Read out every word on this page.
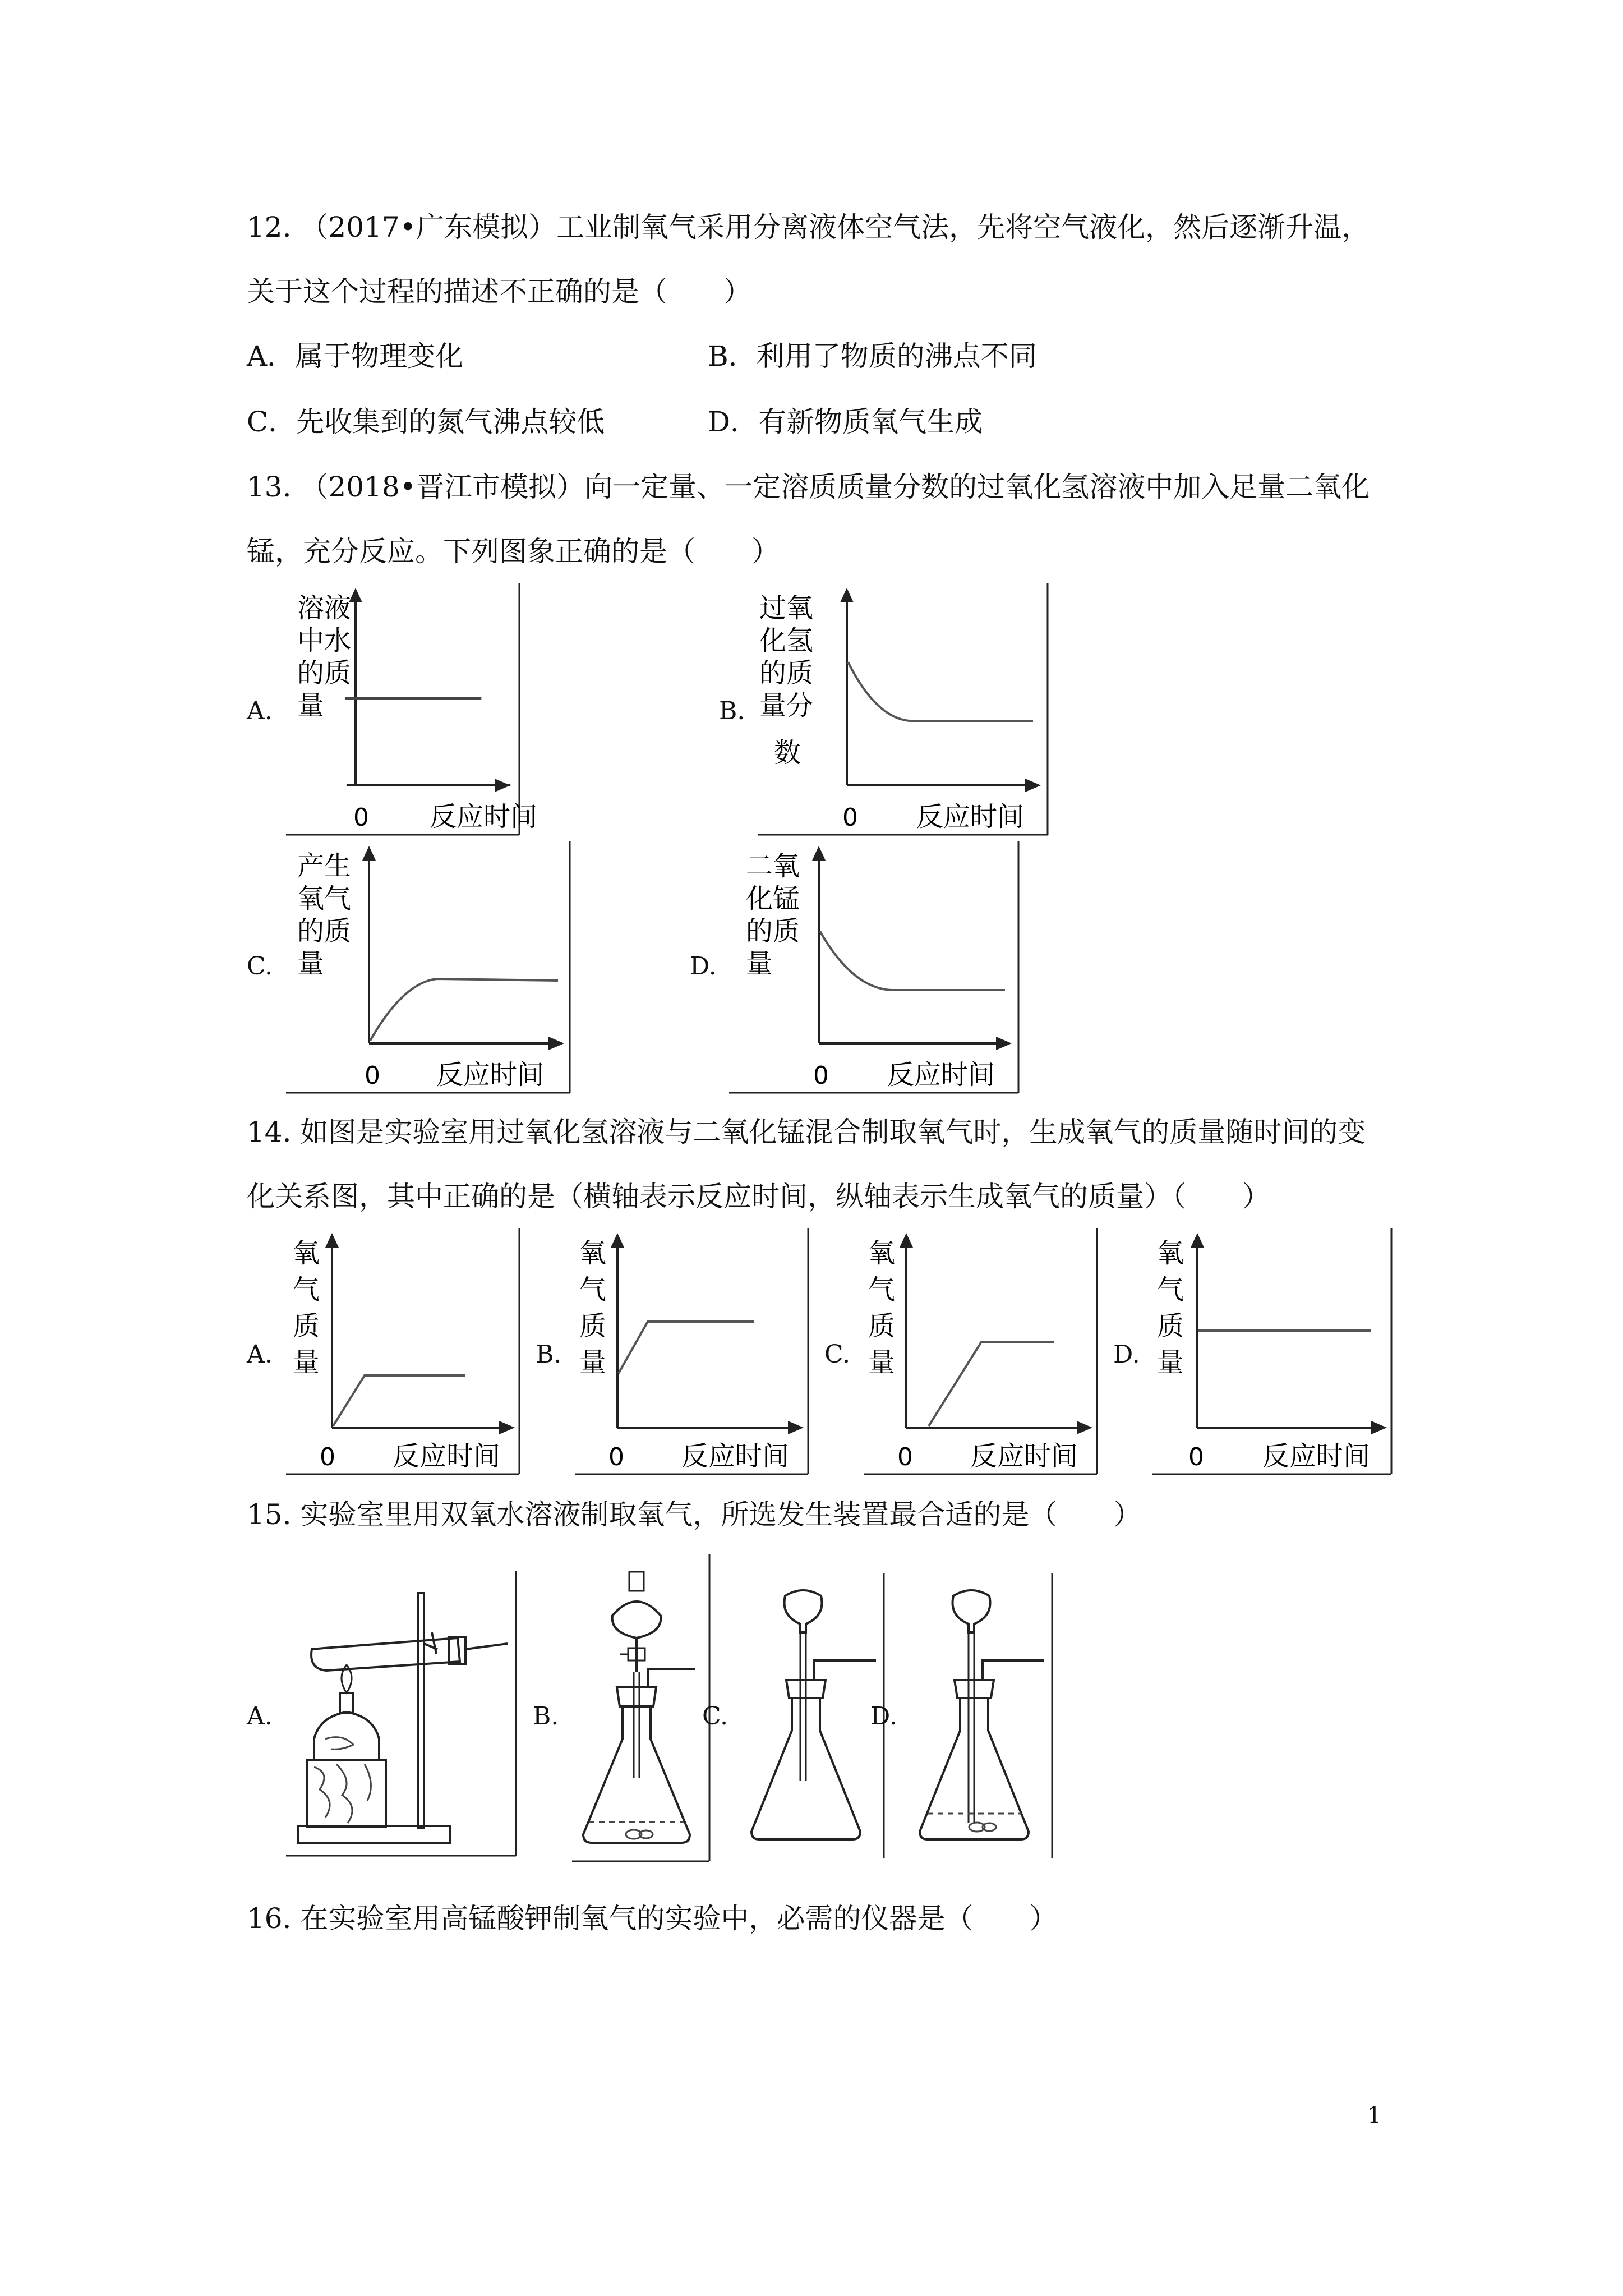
12. （2017•广东模拟）工业制氧气采用分离液体空气法，先将空气液化，然后逐渐升温，
关于这个过程的描述不正确的是（　　）
A．属于物理变化	B．利用了物质的沸点不同
C．先收集到的氮气沸点较低	D．有新物质氧气生成
13. （2018•晋江市模拟）向一定量、一定溶质质量分数的过氧化氢溶液中加入足量二氧化
锰，充分反应。下列图象正确的是（　　）
A.
溶液
中水
的质
量
0 反应时间
B.
过氧
化氢
的质
量分
数
0 反应时间
C.
产生
氧气
的质
量
0 反应时间
D.
二氧
化锰
的质
量
0 反应时间
14. 如图是实验室用过氧化氢溶液与二氧化锰混合制取氧气时，生成氧气的质量随时间的变
化关系图，其中正确的是（横轴表示反应时间，纵轴表示生成氧气的质量）（　　）
A.
氧
气
质
量
0 反应时间
B.
氧
气
质
量
0 反应时间
C.
氧
气
质
量
0 反应时间
D.
氧
气
质
量
0 反应时间
15. 实验室里用双氧水溶液制取氧气，所选发生装置最合适的是（　　）
A.	B.	C.	D.
16. 在实验室用高锰酸钾制氧气的实验中，必需的仪器是（　　）
1
